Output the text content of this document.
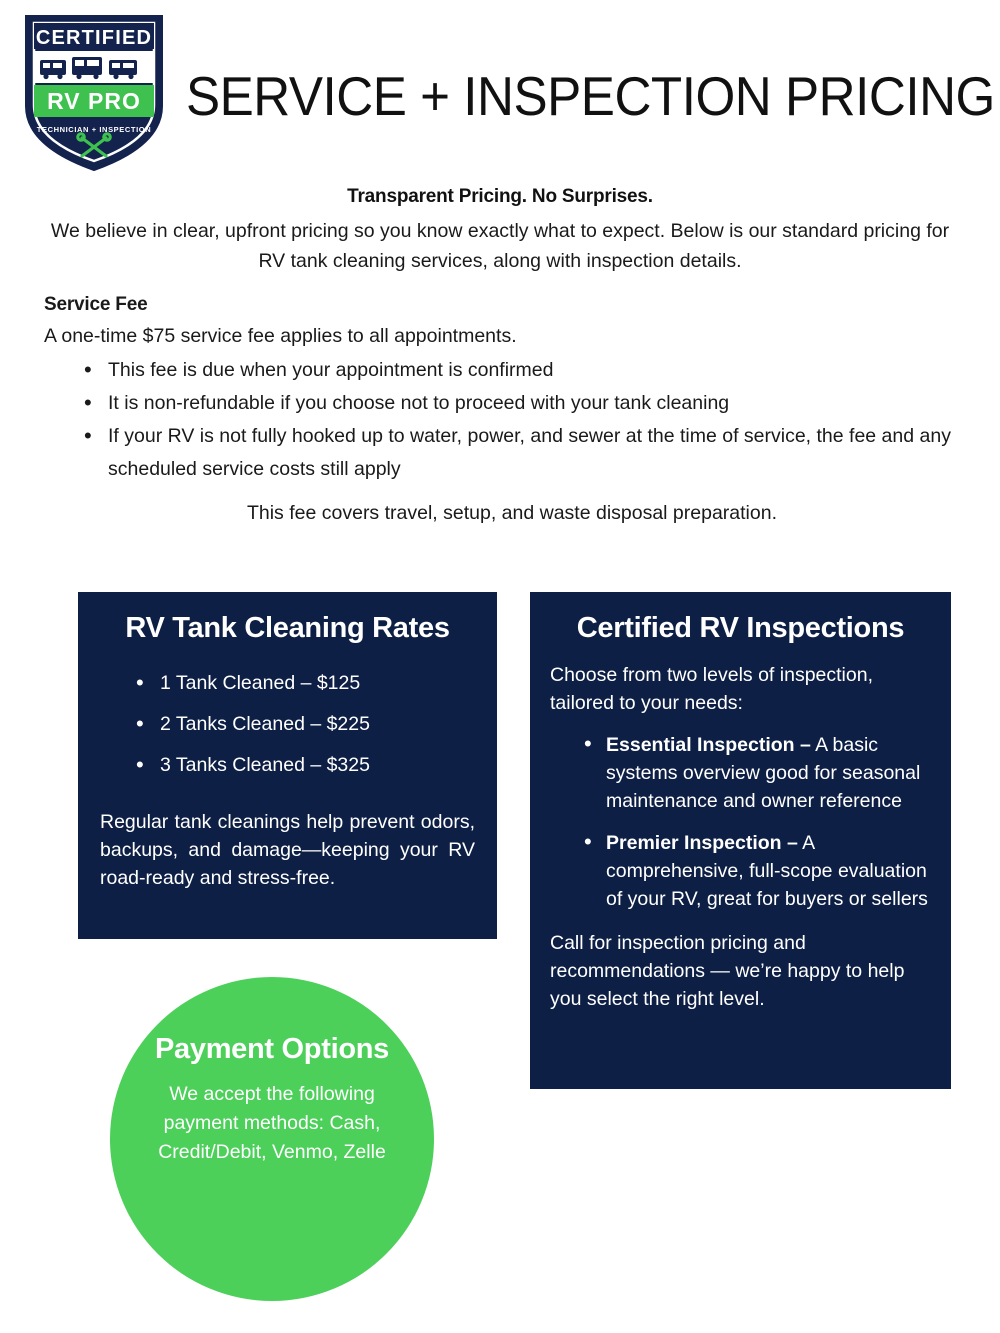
CERTIFIED
RV PRO
TECHNICIAN + INSPECTION
SERVICE + INSPECTION PRICING

Transparent Pricing. No Surprises.

We believe in clear, upfront pricing so you know exactly what to expect. Below is our standard pricing for RV tank cleaning services, along with inspection details.

Service Fee

A one-time $75 service fee applies to all appointments.

• This fee is due when your appointment is confirmed
• It is non-refundable if you choose not to proceed with your tank cleaning
• If your RV is not fully hooked up to water, power, and sewer at the time of service, the fee and any scheduled service costs still apply

This fee covers travel, setup, and waste disposal preparation.

RV Tank Cleaning Rates
• 1 Tank Cleaned – $125
• 2 Tanks Cleaned – $225
• 3 Tanks Cleaned – $325

Regular tank cleanings help prevent odors, backups, and damage—keeping your RV road-ready and stress-free.

Certified RV Inspections

Choose from two levels of inspection, tailored to your needs:

• Essential Inspection – A basic systems overview good for seasonal maintenance and owner reference
• Premier Inspection – A comprehensive, full-scope evaluation of your RV, great for buyers or sellers

Call for inspection pricing and recommendations — we’re happy to help you select the right level.

Payment Options

We accept the following payment methods: Cash, Credit/Debit, Venmo, Zelle
